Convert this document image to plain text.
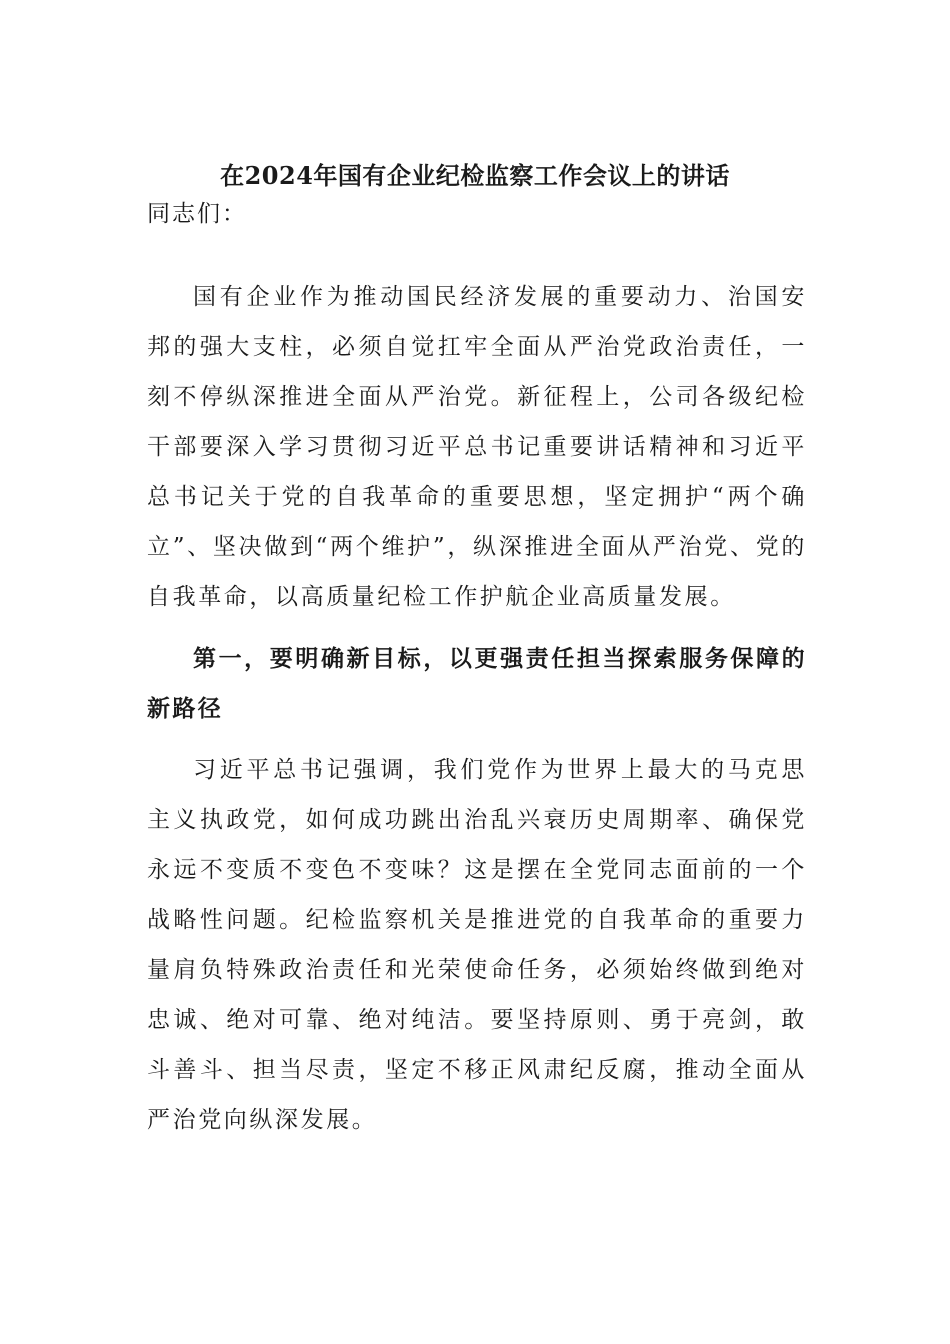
在2024年国有企业纪检监察工作会议上的讲话
同志们：

国有企业作为推动国民经济发展的重要动力、治国安邦的强大支柱，必须自觉扛牢全面从严治党政治责任，一刻不停纵深推进全面从严治党。新征程上，公司各级纪检干部要深入学习贯彻习近平总书记重要讲话精神和习近平总书记关于党的自我革命的重要思想，坚定拥护“两个确立”、坚决做到“两个维护”，纵深推进全面从严治党、党的自我革命，以高质量纪检工作护航企业高质量发展。

第一，要明确新目标，以更强责任担当探索服务保障的新路径

习近平总书记强调，我们党作为世界上最大的马克思主义执政党，如何成功跳出治乱兴衰历史周期率、确保党永远不变质不变色不变味？这是摆在全党同志面前的一个战略性问题。纪检监察机关是推进党的自我革命的重要力量肩负特殊政治责任和光荣使命任务，必须始终做到绝对忠诚、绝对可靠、绝对纯洁。要坚持原则、勇于亮剑，敢斗善斗、担当尽责，坚定不移正风肃纪反腐，推动全面从严治党向纵深发展。
